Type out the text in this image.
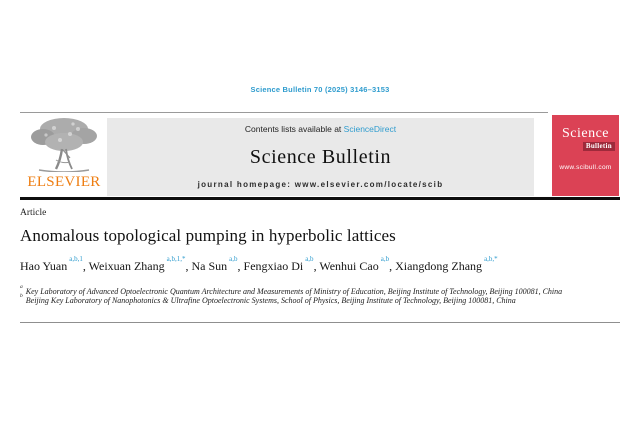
Science Bulletin 70 (2025) 3146–3153
ELSEVIER
Contents lists available at ScienceDirect
Science Bulletin
journal homepage: www.elsevier.com/locate/scib
Science
Bulletin
www.scibull.com
Article
Anomalous topological pumping in hyperbolic lattices
Hao Yuan $^{a,b,1}$, Weixuan Zhang $^{a,b,1,*}$, Na Sun $^{a,b}$, Fengxiao Di $^{a,b}$, Wenhui Cao $^{a,b}$, Xiangdong Zhang $^{a,b,*}$
$^a$ Key Laboratory of Advanced Optoelectronic Quantum Architecture and Measurements of Ministry of Education, Beijing Institute of Technology, Beijing 100081, China
$^b$ Beijing Key Laboratory of Nanophotonics & Ultrafine Optoelectronic Systems, School of Physics, Beijing Institute of Technology, Beijing 100081, China
